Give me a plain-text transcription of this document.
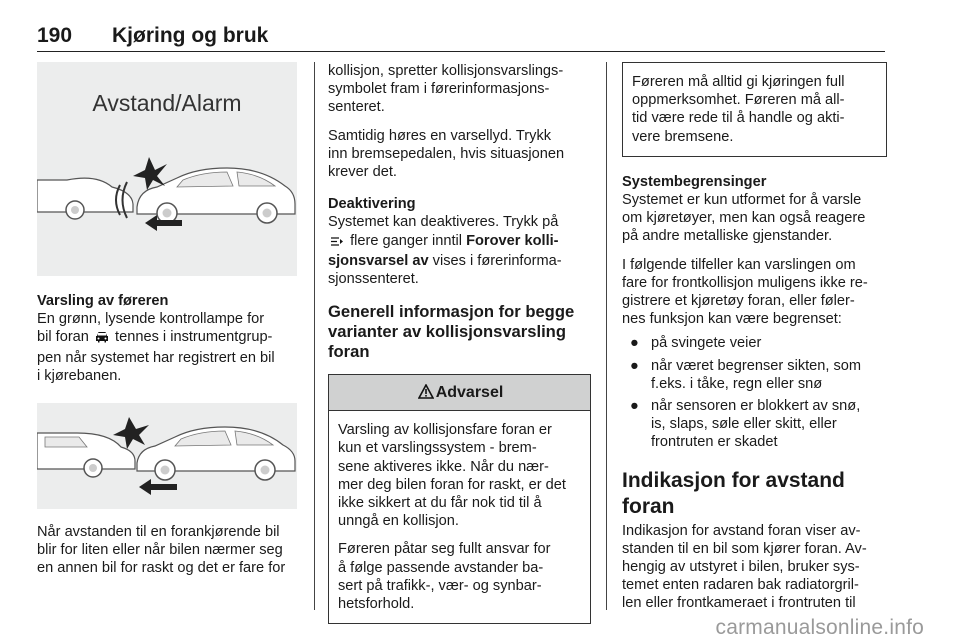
190 Kjøring og bruk
Avstand/Alarm
Varsling av føreren

En grønn, lysende kontrollampe for
bil foran tennes i instrumentgrup-
pen når systemet har registrert en bil
i kjørebanen.

Når avstanden til en forankjørende bil
blir for liten eller når bilen nærmer seg
en annen bil for raskt og det er fare for

kollisjon, spretter kollisjonsvarslings-
symbolet fram i førerinformasjons-
senteret.

Samtidig høres en varsellyd. Trykk
inn bremsepedalen, hvis situasjonen
krever det.

Deaktivering

Systemet kan deaktiveres. Trykk på
flere ganger inntil Forover kolli-
sjonsvarsel av vises i førerinforma-
sjonssenteret.

Generell informasjon for begge
varianter av kollisjonsvarsling
foran
Advarsel

Varsling av kollisjonsfare foran er
kun et varslingssystem - brem-
sene aktiveres ikke. Når du nær-
mer deg bilen foran for raskt, er det
ikke sikkert at du får nok tid til å
unngå en kollisjon.

Føreren påtar seg fullt ansvar for
å følge passende avstander ba-
sert på trafikk-, vær- og synbar-
hetsforhold.

Føreren må alltid gi kjøringen full
oppmerksomhet. Føreren må all-
tid være rede til å handle og akti-
vere bremsene.

Systembegrensinger

Systemet er kun utformet for å varsle
om kjøretøyer, men kan også reagere
på andre metalliske gjenstander.

I følgende tilfeller kan varslingen om
fare for frontkollisjon muligens ikke re-
gistrere et kjøretøy foran, eller føler-
nes funksjon kan være begrenset:

● på svingete veier
● når været begrenser sikten, som
f.eks. i tåke, regn eller snø
● når sensoren er blokkert av snø,
is, slaps, søle eller skitt, eller
frontruten er skadet
Indikasjon for avstand foran

Indikasjon for avstand foran viser av-
standen til en bil som kjører foran. Av-
hengig av utstyret i bilen, bruker sys-
temet enten radaren bak radiatorgril-
len eller frontkameraet i frontruten til

carmanualsonline.info
